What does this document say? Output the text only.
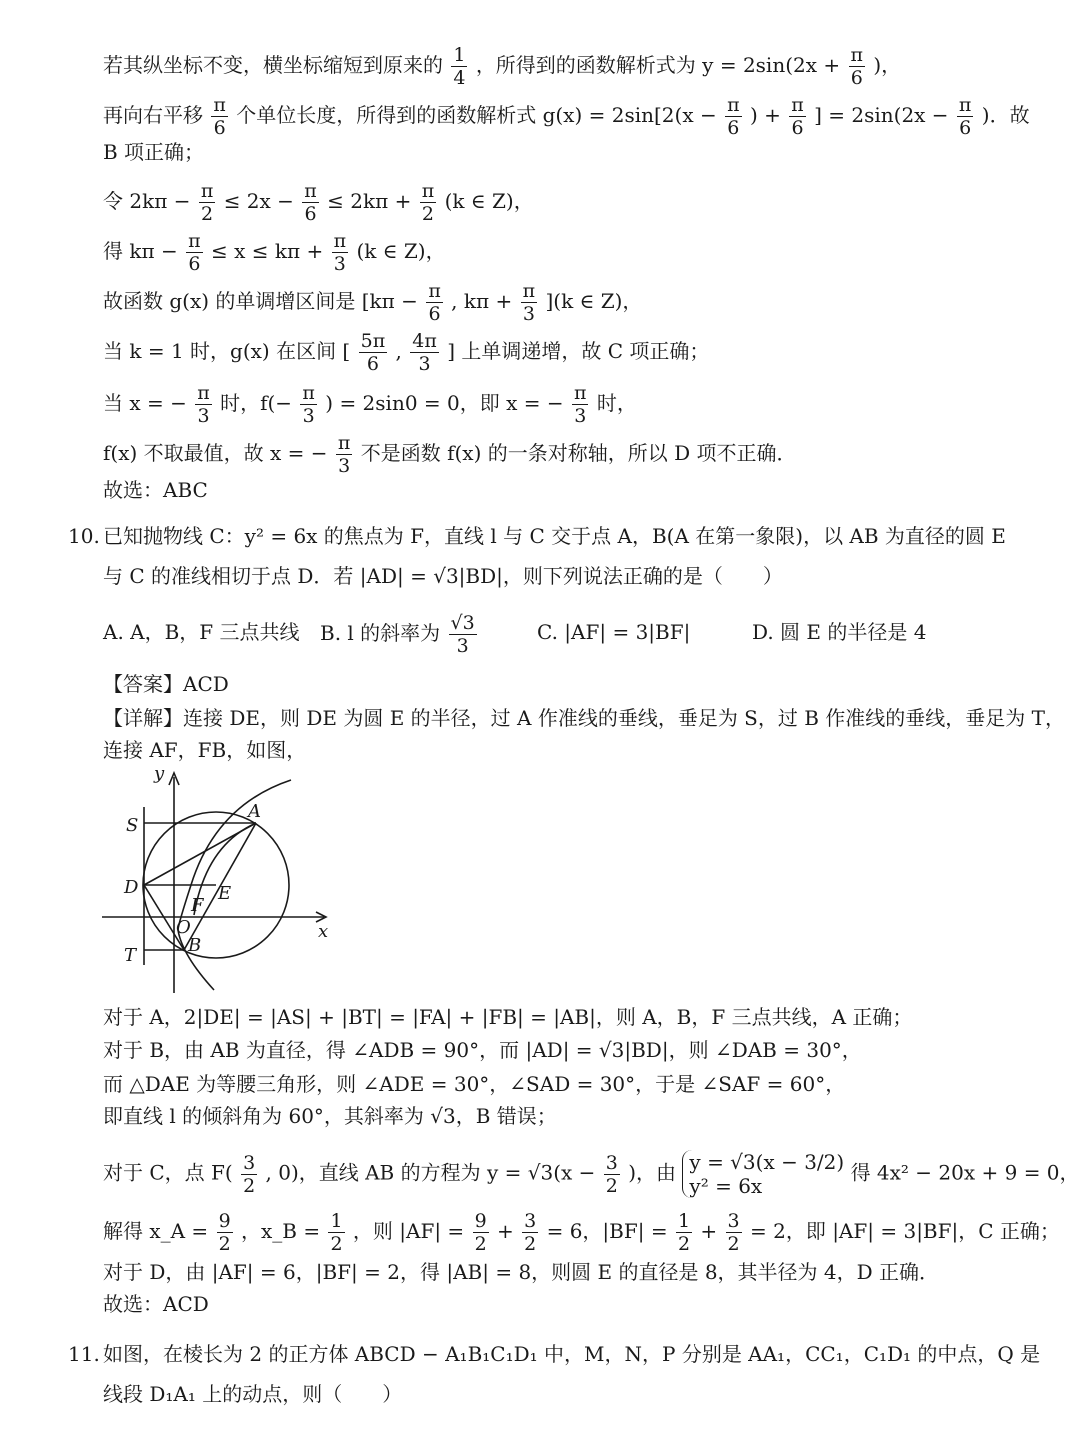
若其纵坐标不变，横坐标缩短到原来的 $\frac{1}{4}$ ，所得到的函数解析式为 $y = 2\sin(2x + \frac{\pi}{6}$ )，
再向右平移 $\frac{\pi}{6}$ 个单位长度，所得到的函数解析式 $g(x) = 2\sin[2(x - \frac{\pi}{6}$ ) + $\frac{\pi}{6}$ ] = $2\sin(2x - \frac{\pi}{6}$ )．故
B 项正确；
令 $2k\pi - \frac{\pi}{2} \le 2x - \frac{\pi}{6} \le 2k\pi + \frac{\pi}{2} (k$ ∈ Z)，
得 $k\pi - \frac{\pi}{6} \le x \le k\pi + \frac{\pi}{3} (k$ ∈ Z)，
故函数 g(x) 的单调增区间是 [$k\pi - \frac{\pi}{6}$ , $k\pi + \frac{\pi}{3} ](k$ ∈ Z)，
当 k = 1 时，g(x) 在区间 [ $\frac{5\pi}{6}$ , $\frac{4\pi}{3}$ ] 上单调递增，故 C 项正确；
当 x = − $\frac{\pi}{3}$ 时，$f(- \frac{\pi}{3}$ ) = 2sin0 = 0，即 x = − $\frac{\pi}{3}$ 时，
f(x) 不取最值，故 x = − $\frac{\pi}{3}$ 不是函数 f(x) 的一条对称轴，所以 D 项不正确．
故选：ABC
10. 已知抛物线 C：y² = 6x 的焦点为 F，直线 l 与 C 交于点 A，B(A 在第一象限)，以 AB 为直径的圆 E
与 C 的准线相切于点 D．若 |AD| = √3|BD|，则下列说法正确的是（　　）
A. A，B，F 三点共线 B. l 的斜率为 $\frac{√3}{3}$	C. |AF| = 3|BF|	D. 圆 E 的半径是 4
【答案】ACD
【详解】连接 DE，则 DE 为圆 E 的半径，过 A 作准线的垂线，垂足为 S，过 B 作准线的垂线，垂足为 T，
连接 AF，FB，如图，
y
x
S
A
D	E
F
O
B
T
对于 A，2|DE| = |AS| + |BT| = |FA| + |FB| = |AB|，则 A，B，F 三点共线，A 正确；
对于 B，由 AB 为直径，得 ∠ADB = 90°，而 |AD| = √3|BD|，则 ∠DAB = 30°，
而 △DAE 为等腰三角形，则 ∠ADE = 30°，∠SAD = 30°，于是 ∠SAF = 60°，
即直线 l 的倾斜角为 60°，其斜率为 √3，B 错误；
对于 C，点 $F( \frac{3}{2}$ , 0)，直线 AB 的方程为 $y = √3(x - \frac{3}{2}$ )，由 y = √3(x − 3/2)
y² = 6x
得 4x² − 20x + 9 = 0，
解得 x_A = $\frac{9}{2}$ ，x_B = $\frac{1}{2}$ ，则 $|AF| = \frac{9}{2} + \frac{3}{2} = 6$，$|BF| = \frac{1}{2} + \frac{3}{2} = 2$，即 |AF| = 3|BF|，C 正确；
对于 D，由 |AF| = 6，|BF| = 2，得 |AB| = 8，则圆 E 的直径是 8，其半径为 4，D 正确．
故选：ACD
11. 如图，在棱长为 2 的正方体 ABCD − A₁B₁C₁D₁ 中，M，N，P 分别是 AA₁，CC₁，C₁D₁ 的中点，Q 是
线段 D₁A₁ 上的动点，则（　　）
